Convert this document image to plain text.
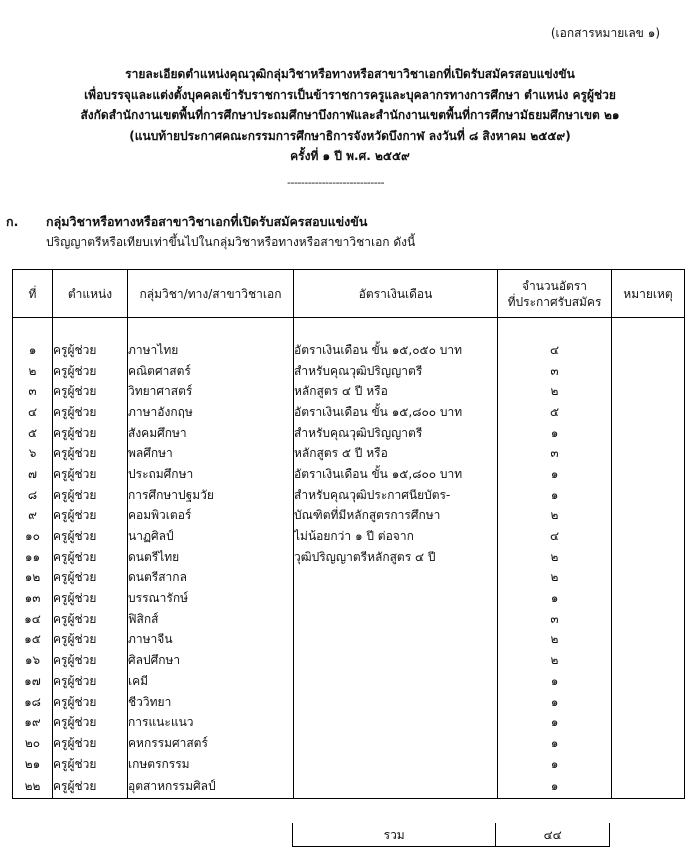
(เอกสารหมายเลข ๑)
รายละเอียดตำแหน่งคุณวุฒิกลุ่มวิชาหรือทางหรือสาขาวิชาเอกที่เปิดรับสมัครสอบแข่งขัน
เพื่อบรรจุและแต่งตั้งบุคคลเข้ารับราชการเป็นข้าราชการครูและบุคลากรทางการศึกษา ตำแหน่ง ครูผู้ช่วย
สังกัดสำนักงานเขตพื้นที่การศึกษาประถมศึกษาบึงกาฬและสำนักงานเขตพื้นที่การศึกษามัธยมศึกษาเขต ๒๑
(แนบท้ายประกาศคณะกรรมการศึกษาธิการจังหวัดบึงกาฬ ลงวันที่ ๘ สิงหาคม ๒๕๕๙)
ครั้งที่ ๑ ปี พ.ศ. ๒๕๕๙
----------------------------
ก. กลุ่มวิชาหรือทางหรือสาขาวิชาเอกที่เปิดรับสมัครสอบแข่งขัน
ปริญญาตรีหรือเทียบเท่าขึ้นไปในกลุ่มวิชาหรือทางหรือสาขาวิชาเอก ดังนี้
ที่	ตำแหน่ง	กลุ่มวิชา/ทาง/สาขาวิชาเอก	อัตราเงินเดือน	จำนวนอัตรา
ที่ประกาศรับสมัคร	หมายเหตุ

๑	ครูผู้ช่วย	ภาษาไทย	อัตราเงินเดือน ขั้น ๑๕,๐๕๐ บาท	๔	
๒	ครูผู้ช่วย	คณิตศาสตร์	สำหรับคุณวุฒิปริญญาตรี	๓	
๓	ครูผู้ช่วย	วิทยาศาสตร์	หลักสูตร ๔ ปี หรือ	๒	
๔	ครูผู้ช่วย	ภาษาอังกฤษ	อัตราเงินเดือน ขั้น ๑๕,๘๐๐ บาท	๕	
๕	ครูผู้ช่วย	สังคมศึกษา	สำหรับคุณวุฒิปริญญาตรี	๑	
๖	ครูผู้ช่วย	พลศึกษา	หลักสูตร ๕ ปี หรือ	๓	
๗	ครูผู้ช่วย	ประถมศึกษา	อัตราเงินเดือน ขั้น ๑๕,๘๐๐ บาท	๑	
๘	ครูผู้ช่วย	การศึกษาปฐมวัย	สำหรับคุณวุฒิประกาศนียบัตร-	๑	
๙	ครูผู้ช่วย	คอมพิวเตอร์	บัณฑิตที่มีหลักสูตรการศึกษา	๒	
๑๐	ครูผู้ช่วย	นาฏศิลป์	ไม่น้อยกว่า ๑ ปี ต่อจาก	๔	
๑๑	ครูผู้ช่วย	ดนตรีไทย	วุฒิปริญญาตรีหลักสูตร ๔ ปี	๒	
๑๒	ครูผู้ช่วย	ดนตรีสากล		๒	
๑๓	ครูผู้ช่วย	บรรณารักษ์		๑	
๑๔	ครูผู้ช่วย	ฟิสิกส์		๓	
๑๕	ครูผู้ช่วย	ภาษาจีน		๒	
๑๖	ครูผู้ช่วย	ศิลปศึกษา		๒	
๑๗	ครูผู้ช่วย	เคมี		๑	
๑๘	ครูผู้ช่วย	ชีววิทยา		๑	
๑๙	ครูผู้ช่วย	การแนะแนว		๑	
๒๐	ครูผู้ช่วย	คหกรรมศาสตร์		๑	
๒๑	ครูผู้ช่วย	เกษตรกรรม		๑	
๒๒	ครูผู้ช่วย	อุตสาหกรรมศิลป์		๑	
รวม	๔๔
